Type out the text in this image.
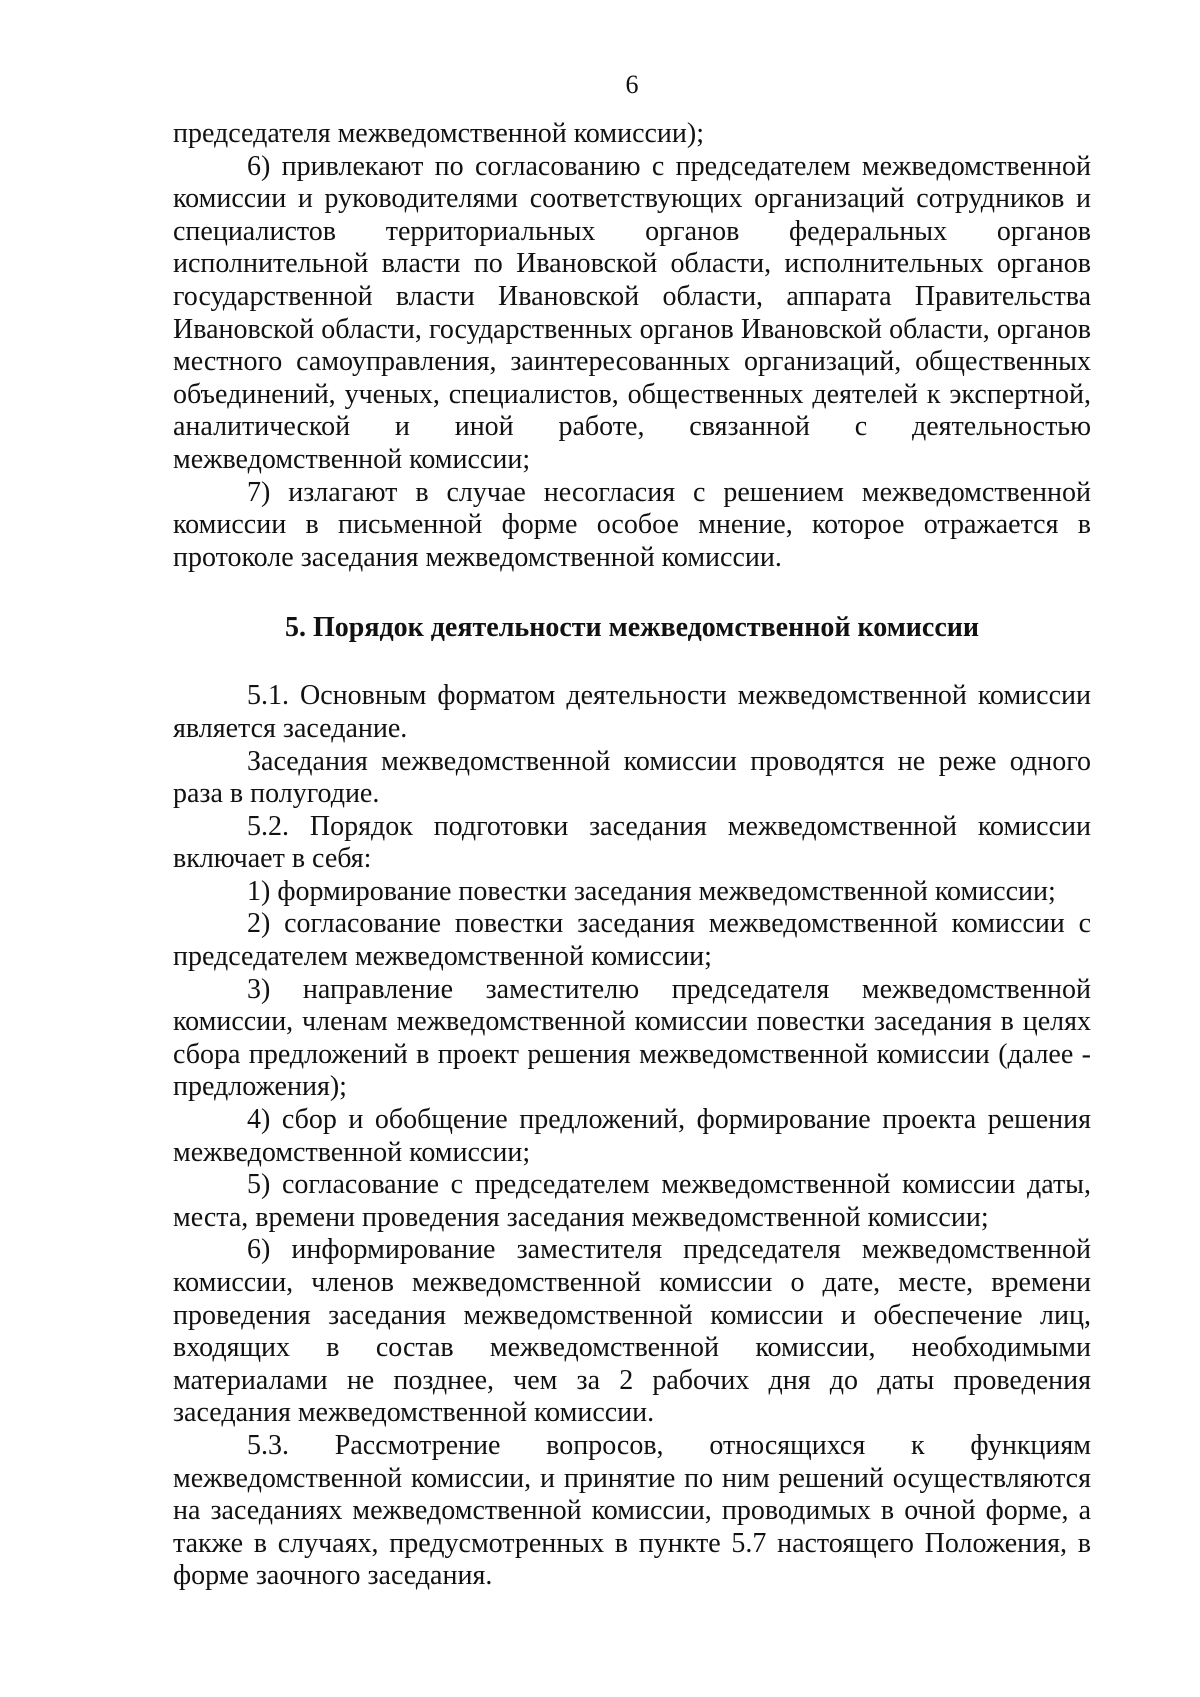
6

председателя межведомственной комиссии);

6) привлекают по согласованию с председателем межведомственной комиссии и руководителями соответствующих организаций сотрудников и специалистов территориальных органов федеральных органов исполнительной власти по Ивановской области, исполнительных органов государственной власти Ивановской области, аппарата Правительства Ивановской области, государственных органов Ивановской области, органов местного самоуправления, заинтересованных организаций, общественных объединений, ученых, специалистов, общественных деятелей к экспертной, аналитической и иной работе, связанной с деятельностью межведомственной комиссии;

7) излагают в случае несогласия с решением межведомственной комиссии в письменной форме особое мнение, которое отражается в протоколе заседания межведомственной комиссии.

5. Порядок деятельности межведомственной комиссии

5.1. Основным форматом деятельности межведомственной комиссии является заседание.

Заседания межведомственной комиссии проводятся не реже одного раза в полугодие.

5.2. Порядок подготовки заседания межведомственной комиссии включает в себя:

1) формирование повестки заседания межведомственной комиссии;

2) согласование повестки заседания межведомственной комиссии с председателем межведомственной комиссии;

3) направление заместителю председателя межведомственной комиссии, членам межведомственной комиссии повестки заседания в целях сбора предложений в проект решения межведомственной комиссии (далее - предложения);

4) сбор и обобщение предложений, формирование проекта решения межведомственной комиссии;

5) согласование с председателем межведомственной комиссии даты, места, времени проведения заседания межведомственной комиссии;

6) информирование заместителя председателя межведомственной комиссии, членов межведомственной комиссии о дате, месте, времени проведения заседания межведомственной комиссии и обеспечение лиц, входящих в состав межведомственной комиссии, необходимыми материалами не позднее, чем за 2 рабочих дня до даты проведения заседания межведомственной комиссии.

5.3. Рассмотрение вопросов, относящихся к функциям межведомственной комиссии, и принятие по ним решений осуществляются на заседаниях межведомственной комиссии, проводимых в очной форме, а также в случаях, предусмотренных в пункте 5.7 настоящего Положения, в форме заочного заседания.
